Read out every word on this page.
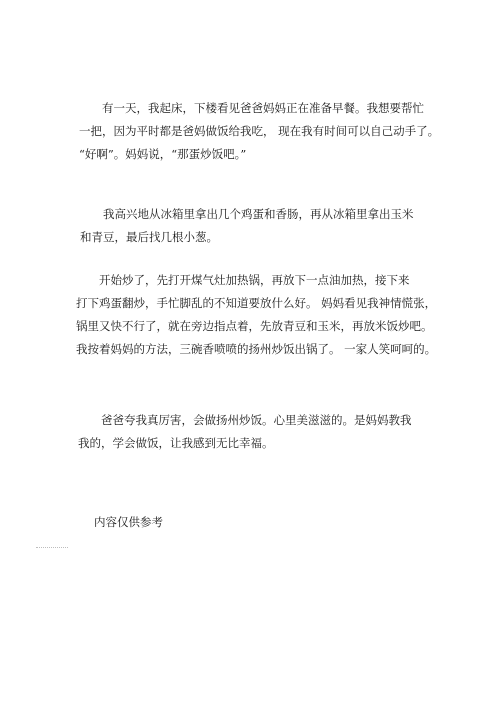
　　有一天，我起床，下楼看见爸爸妈妈正在准备早餐。我想要帮忙
一把，因为平时都是爸妈做饭给我吃， 现在我有时间可以自己动手了。
“好啊”。妈妈说，“那蛋炒饭吧。”
　　我高兴地从冰箱里拿出几个鸡蛋和香肠，再从冰箱里拿出玉米
和青豆，最后找几根小葱。
　　开始炒了，先打开煤气灶加热锅，再放下一点油加热，接下来
打下鸡蛋翻炒，手忙脚乱的不知道要放什么好。 妈妈看见我神情慌张，
锅里又快不行了，就在旁边指点着，先放青豆和玉米，再放米饭炒吧。
我按着妈妈的方法，三碗香喷喷的扬州炒饭出锅了。 一家人笑呵呵的。
　　爸爸夸我真厉害，会做扬州炒饭。心里美滋滋的。是妈妈教我
我的，学会做饭，让我感到无比幸福。
内容仅供参考
